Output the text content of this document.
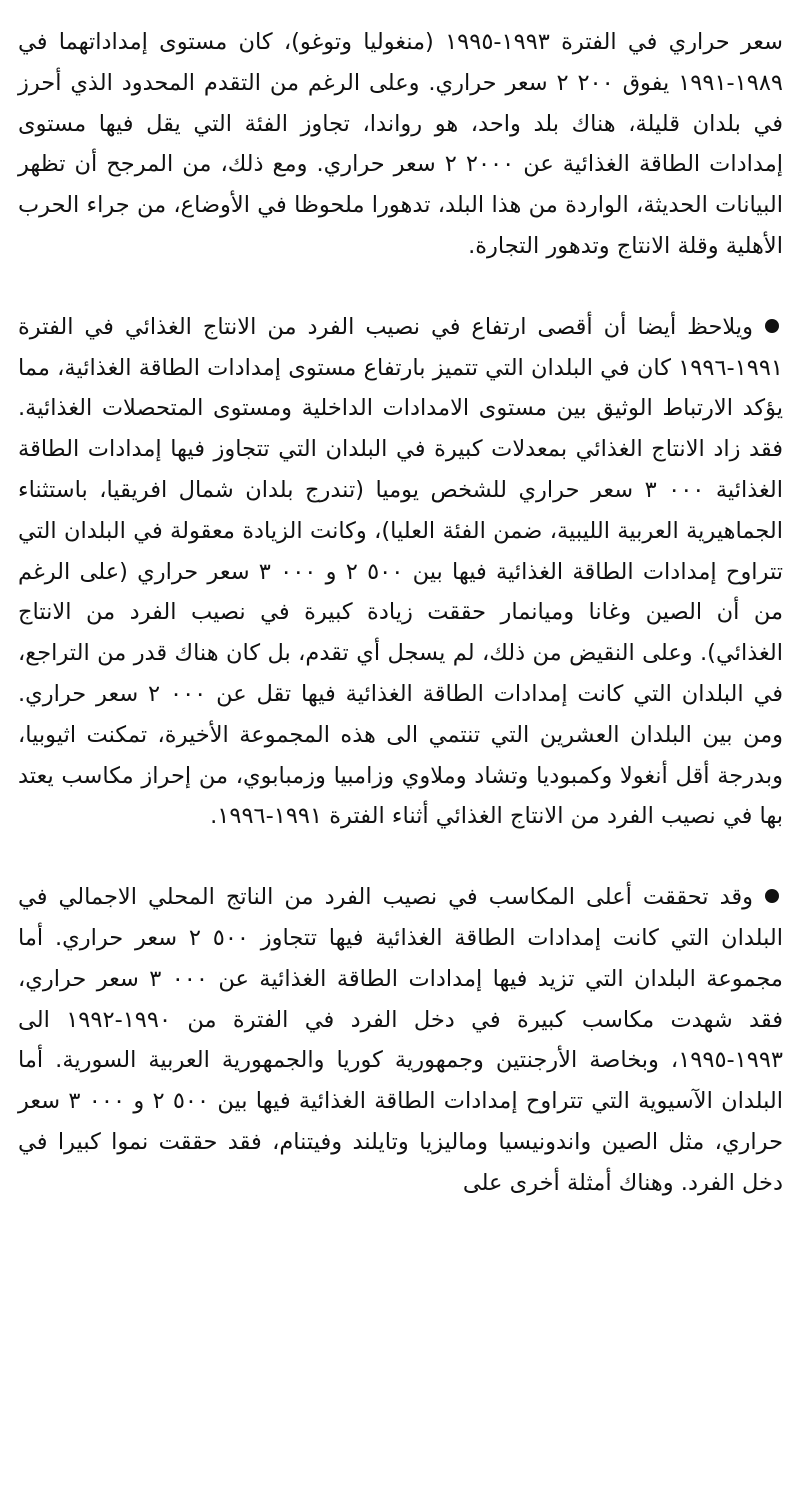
سعر حراري في الفترة ١٩٩٣-١٩٩٥ (منغوليا وتوغو)، كان مستوى إمداداتهما في ١٩٨٩-١٩٩١ يفوق ٢٠٠ ٢ سعر حراري. وعلى الرغم من التقدم المحدود الذي أحرز في بلدان قليلة، هناك بلد واحد، هو رواندا، تجاوز الفئة التي يقل فيها مستوى إمدادات الطاقة الغذائية عن ٢٠٠٠ ٢ سعر حراري. ومع ذلك، من المرجح أن تظهر البيانات الحديثة، الواردة من هذا البلد، تدهورا ملحوظا في الأوضاع، من جراء الحرب الأهلية وقلة الانتاج وتدهور التجارة.

ويلاحظ أيضا أن أقصى ارتفاع في نصيب الفرد من الانتاج الغذائي في الفترة ١٩٩١-١٩٩٦ كان في البلدان التي تتميز بارتفاع مستوى إمدادات الطاقة الغذائية، مما يؤكد الارتباط الوثيق بين مستوى الامدادات الداخلية ومستوى المتحصلات الغذائية. فقد زاد الانتاج الغذائي بمعدلات كبيرة في البلدان التي تتجاوز فيها إمدادات الطاقة الغذائية ٠٠٠ ٣ سعر حراري للشخص يوميا (تندرج بلدان شمال افريقيا، باستثناء الجماهيرية العربية الليبية، ضمن الفئة العليا)، وكانت الزيادة معقولة في البلدان التي تتراوح إمدادات الطاقة الغذائية فيها بين ٥٠٠ ٢ و ٠٠٠ ٣ سعر حراري (على الرغم من أن الصين وغانا وميانمار حققت زيادة كبيرة في نصيب الفرد من الانتاج الغذائي). وعلى النقيض من ذلك، لم يسجل أي تقدم، بل كان هناك قدر من التراجع، في البلدان التي كانت إمدادات الطاقة الغذائية فيها تقل عن ٠٠٠ ٢ سعر حراري. ومن بين البلدان العشرين التي تنتمي الى هذه المجموعة الأخيرة، تمكنت اثيوبيا، وبدرجة أقل أنغولا وكمبوديا وتشاد وملاوي وزامبيا وزمبابوي، من إحراز مكاسب يعتد بها في نصيب الفرد من الانتاج الغذائي أثناء الفترة ١٩٩١-١٩٩٦.

وقد تحققت أعلى المكاسب في نصيب الفرد من الناتج المحلي الاجمالي في البلدان التي كانت إمدادات الطاقة الغذائية فيها تتجاوز ٥٠٠ ٢ سعر حراري. أما مجموعة البلدان التي تزيد فيها إمدادات الطاقة الغذائية عن ٠٠٠ ٣ سعر حراري، فقد شهدت مكاسب كبيرة في دخل الفرد في الفترة من ١٩٩٠-١٩٩٢ الى ١٩٩٣-١٩٩٥، وبخاصة الأرجنتين وجمهورية كوريا والجمهورية العربية السورية. أما البلدان الآسيوية التي تتراوح إمدادات الطاقة الغذائية فيها بين ٥٠٠ ٢ و ٠٠٠ ٣ سعر حراري، مثل الصين واندونيسيا وماليزيا وتايلند وفيتنام، فقد حققت نموا كبيرا في دخل الفرد. وهناك أمثلة أخرى على
